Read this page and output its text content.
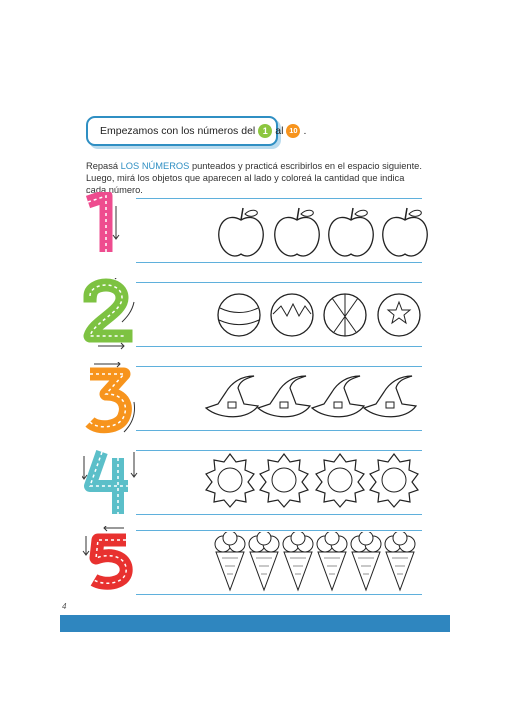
Empezamos con los números del 1 al 10 .
Repasá LOS NÚMEROS punteados y practicá escribirlos en el espacio siguiente. Luego, mirá los objetos que aparecen al lado y coloreá la cantidad que indica cada número.
4
